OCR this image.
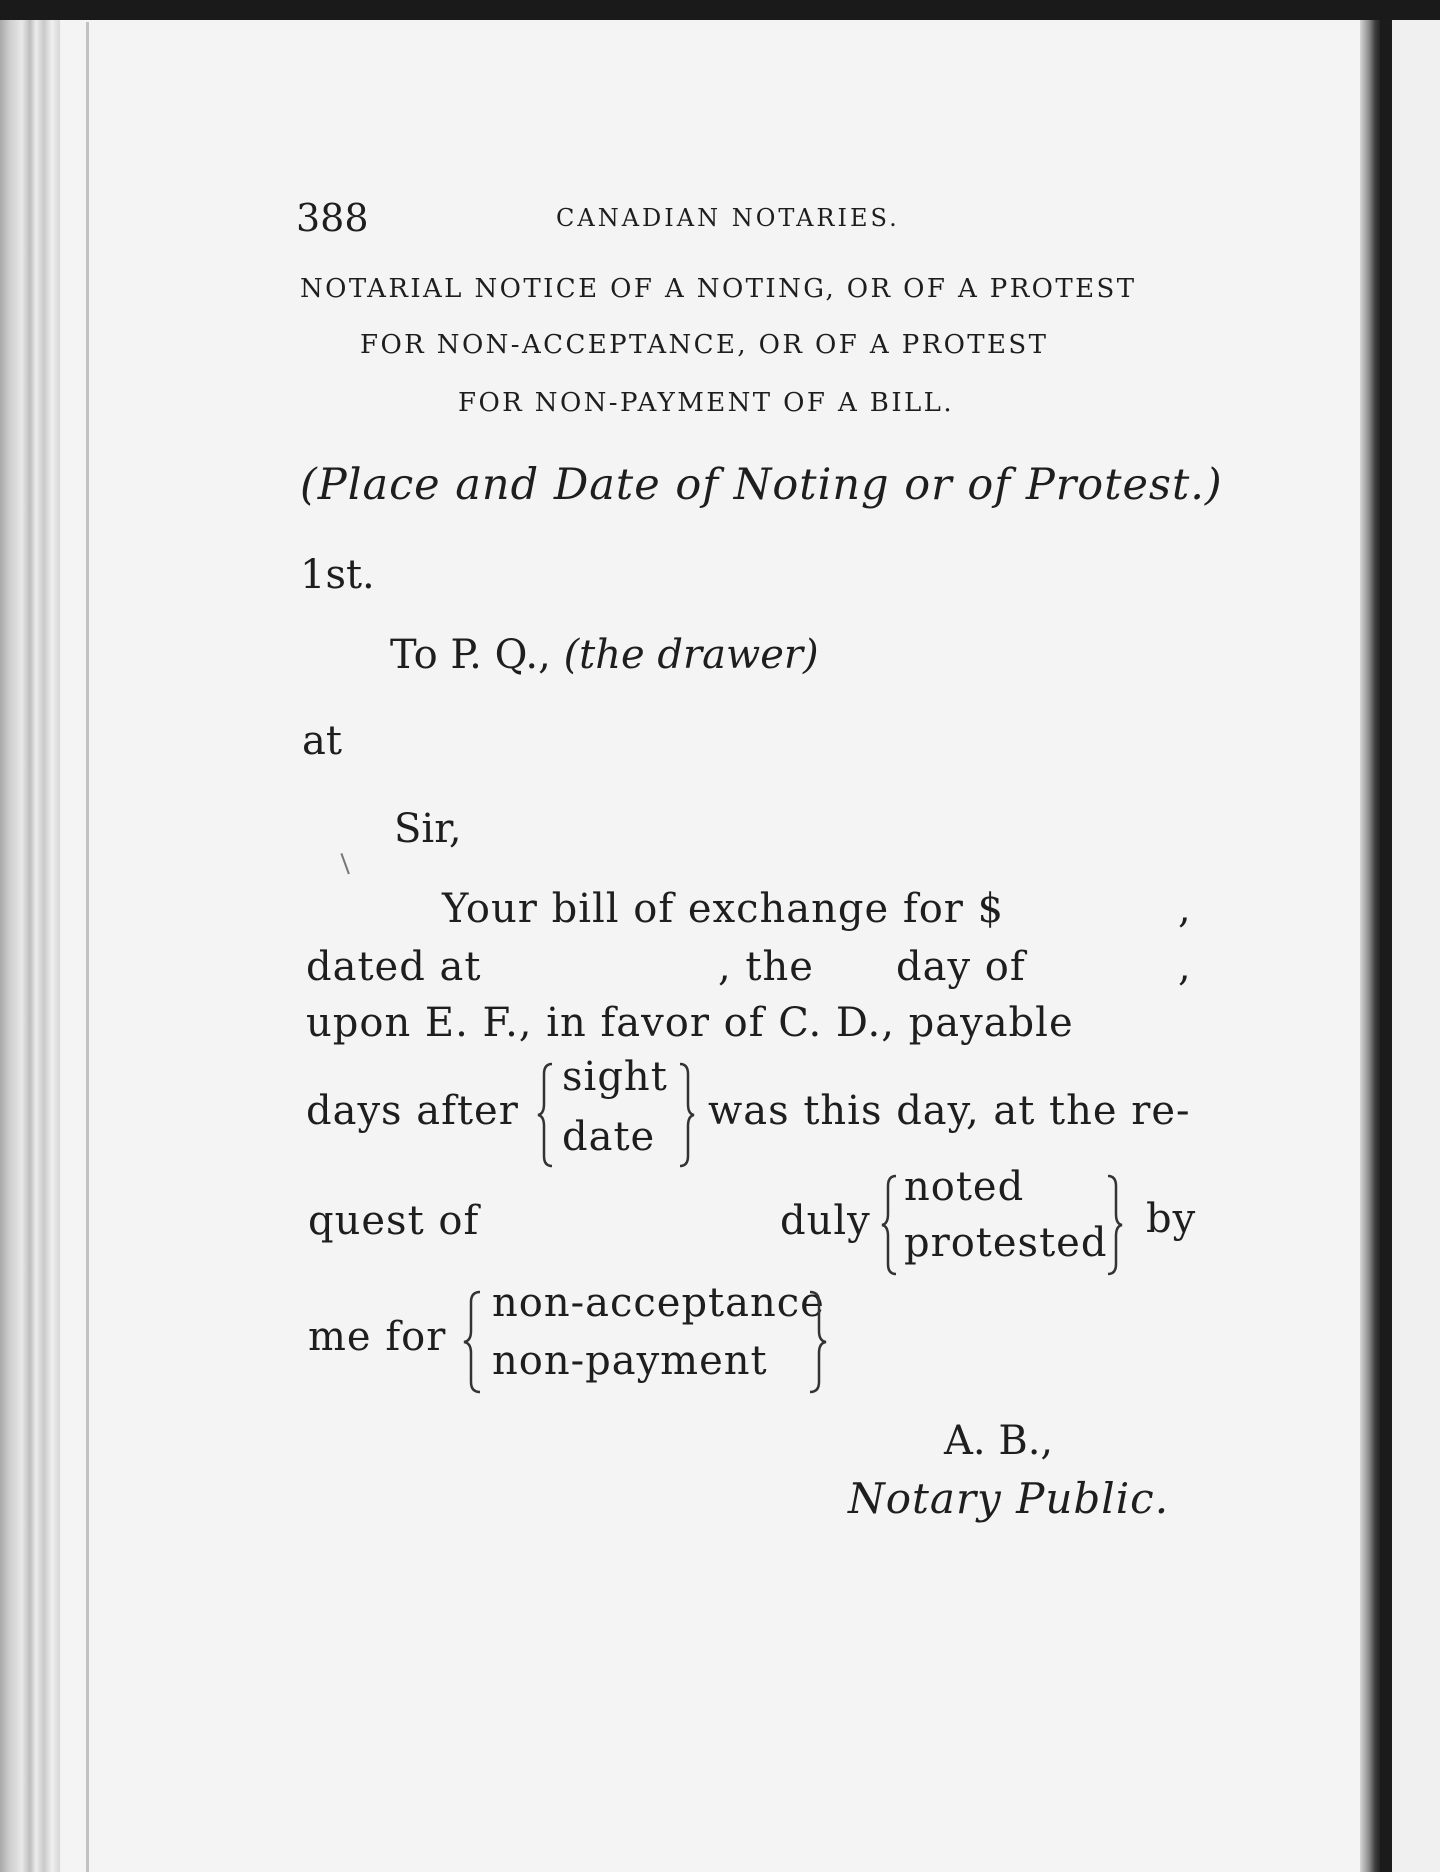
388	CANADIAN NOTARIES.
NOTARIAL NOTICE OF A NOTING, OR OF A PROTEST
FOR NON-ACCEPTANCE, OR OF A PROTEST
FOR NON-PAYMENT OF A BILL.
(Place and Date of Noting or of Protest.)
1st.
To P. Q., (the drawer)
at
Sir,
Your bill of exchange for $	,
dated at	, the day of	,
upon E. F., in favor of C. D., payable
days after
sight
date
was this day, at the re-
quest of	duly
noted
protested
by
me for
non-acceptance
non-payment
A. B.,
Notary Public.
